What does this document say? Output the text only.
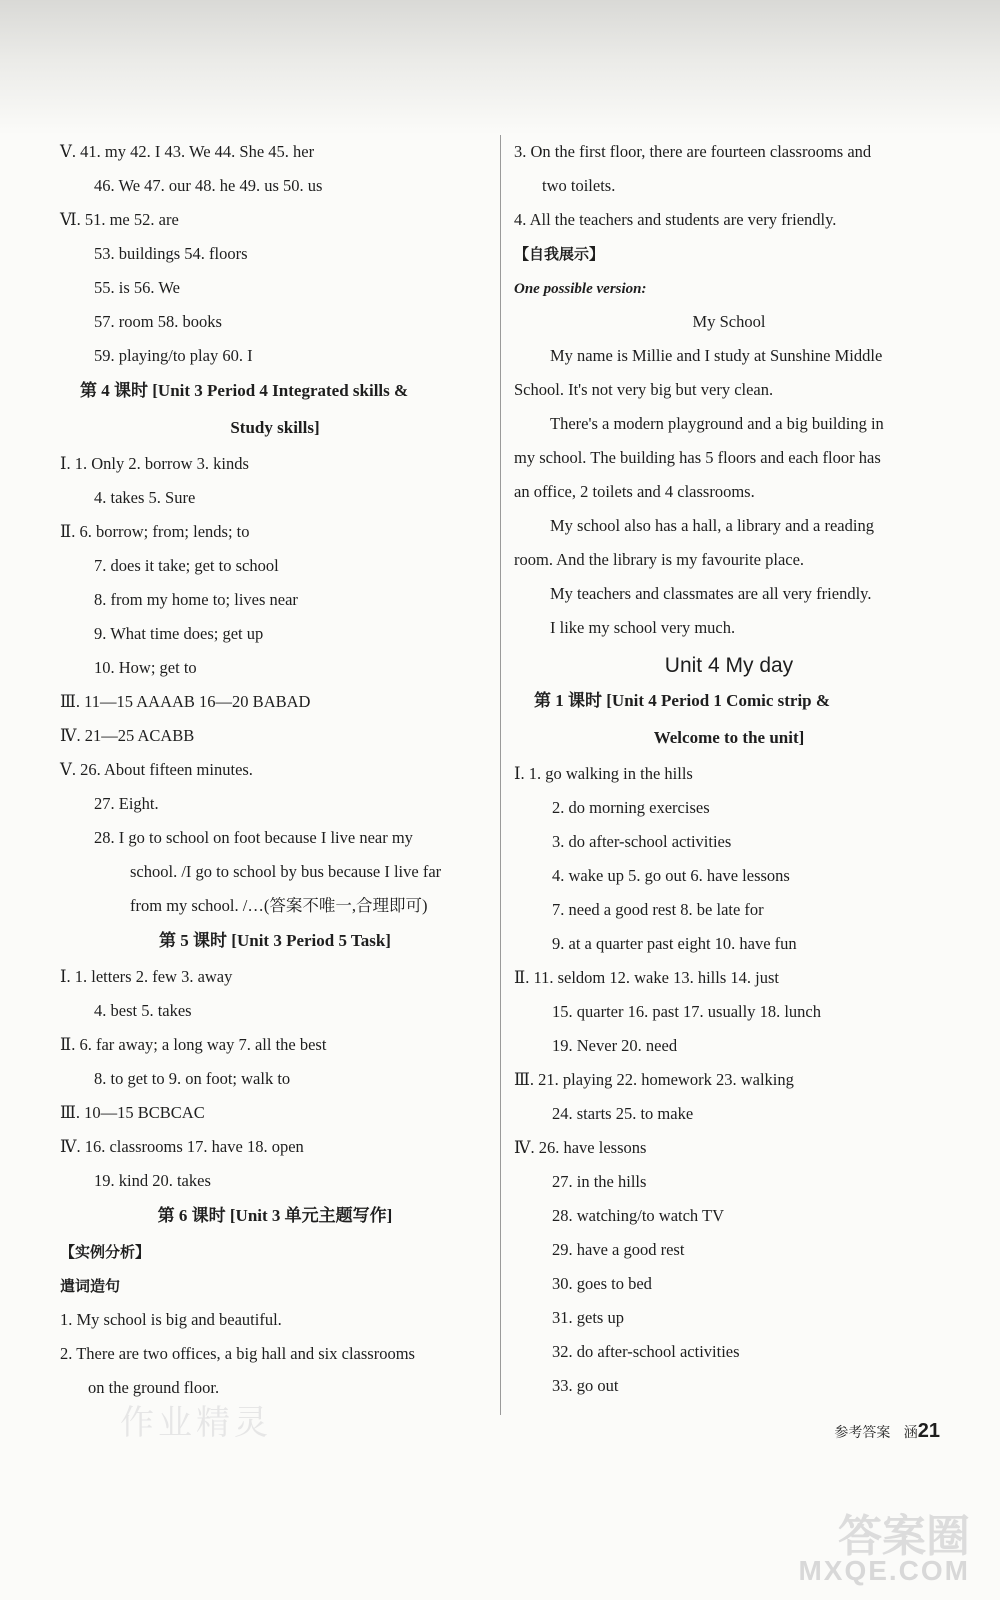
Ⅴ. 41. my 42. I 43. We 44. She 45. her
46. We 47. our 48. he 49. us 50. us
Ⅵ. 51. me 52. are
53. buildings 54. floors
55. is 56. We
57. room 58. books
59. playing/to play 60. I
第 4 课时 [Unit 3 Period 4 Integrated skills &
Study skills]
Ⅰ. 1. Only 2. borrow 3. kinds
4. takes 5. Sure
Ⅱ. 6. borrow; from; lends; to
7. does it take; get to school
8. from my home to; lives near
9. What time does; get up
10. How; get to
Ⅲ. 11—15 AAAAB 16—20 BABAD
Ⅳ. 21—25 ACABB
Ⅴ. 26. About fifteen minutes.
27. Eight.
28. I go to school on foot because I live near my
school. /I go to school by bus because I live far
from my school. /…(答案不唯一,合理即可)
第 5 课时 [Unit 3 Period 5 Task]
Ⅰ. 1. letters 2. few 3. away
4. best 5. takes
Ⅱ. 6. far away; a long way 7. all the best
8. to get to 9. on foot; walk to
Ⅲ. 10—15 BCBCAC
Ⅳ. 16. classrooms 17. have 18. open
19. kind 20. takes
第 6 课时 [Unit 3 单元主题写作]
【实例分析】
遣词造句
1. My school is big and beautiful.
2. There are two offices, a big hall and six classrooms
on the ground floor.
3. On the first floor, there are fourteen classrooms and
two toilets.
4. All the teachers and students are very friendly.
【自我展示】
One possible version:
My School
My name is Millie and I study at Sunshine Middle
School. It's not very big but very clean.
There's a modern playground and a big building in
my school. The building has 5 floors and each floor has
an office, 2 toilets and 4 classrooms.
My school also has a hall, a library and a reading
room. And the library is my favourite place.
My teachers and classmates are all very friendly.
I like my school very much.
Unit 4 My day
第 1 课时 [Unit 4 Period 1 Comic strip &
Welcome to the unit]
Ⅰ. 1. go walking in the hills
2. do morning exercises
3. do after-school activities
4. wake up 5. go out 6. have lessons
7. need a good rest 8. be late for
9. at a quarter past eight 10. have fun
Ⅱ. 11. seldom 12. wake 13. hills 14. just
15. quarter 16. past 17. usually 18. lunch
19. Never 20. need
Ⅲ. 21. playing 22. homework 23. walking
24. starts 25. to make
Ⅳ. 26. have lessons
27. in the hills
28. watching/to watch TV
29. have a good rest
30. goes to bed
31. gets up
32. do after-school activities
33. go out
参考答案 涵21
作业精灵
答案圈
MXQE.COM
